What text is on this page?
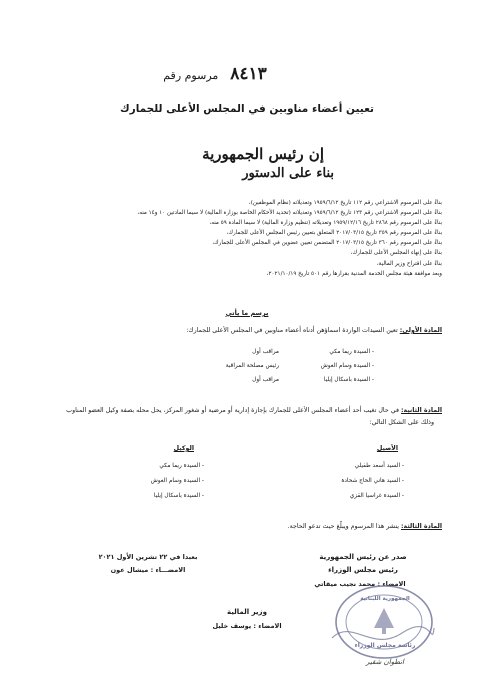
٨٤١٣ مرسوم رقم
تعيين أعضاء مناوبين في المجلس الأعلى للجمارك
إن رئيس الجمهورية
بناء على الدستور
بناءً على المرسوم الاشتراعي رقم ١١٢ تاريخ ١٩٥٩/٦/١٢ وتعديلاته (نظام الموظفين)،
بناءً على المرسوم الاشتراعي رقم ١٢٣ تاريخ ١٩٥٩/٦/١٢ وتعديلاته (تحديد الأحكام الخاصة بوزارة المالية) لا سيما المادتين ١٠ و١٤ منه،
بناءً على المرسوم رقم ٢٨٦٨ تاريخ ١٩٥٩/١٢/١٦ وتعديلاته (تنظيم وزارة المالية) لا سيما المادة ٥٩ منه،
بناءً على المرسوم رقم ٣٥٩ تاريخ ٢٠١٧/٠٣/١٥ المتعلق بتعيين رئيس المجلس الأعلى للجمارك،
بناءً على المرسوم رقم ٣٦٠ تاريخ ٢٠١٧/٠٣/١٥ المتضمن تعيين عضوين في المجلس الأعلى للجمارك،
بناءً على إنهاء المجلس الأعلى للجمارك،
بناءً على اقتراح وزير المالية،
وبعد موافقة هيئة مجلس الخدمة المدنية بقرارها رقم ٥٠١ تاريخ ٢٠٢١/١٠/١٩،
يرسم ما يأتي
المادة الأولى: تعين السيدات الواردة اسماؤهن أدناه أعضاء مناوبين في المجلس الأعلى للجمارك:
- السيدة ريما مكي
مراقب أول
- السيدة وسام الغوش
رئيس مصلحة المراقبة
- السيدة باسكال إيليا
مراقب أول
المادة الثانية: في حال تغيب أحد أعضاء المجلس الأعلى للجمارك بإجازة إدارية أو مرضية أو شغور المركز، يحل محله بصفة وكيل العضو المناوب
وذلك على الشكل التالي:
الأصيل
الوكيل
- السيد أسعد طفيلي
- السيدة ريما مكي
- السيد هاني الحاج شحادة
- السيدة وسام الغوش
- السيدة غراسيا القزي
- السيدة باسكال إيليا
المادة الثالثة: ينشر هذا المرسوم ويبلّغ حيث تدعو الحاجة.
بعبدا في ٢٢ تشرين الأول ٢٠٢١
الامضـــاء : ميشال عون
صدر عن رئيس الجمهورية
رئيس مجلس الوزراء
الامضاء : محمد نجيب ميقاتي
وزير المالية
الامضاء : يوسف خليل
الجمهورية اللبنانية
رئاسة مجلس الوزراء
انطوان شقير
